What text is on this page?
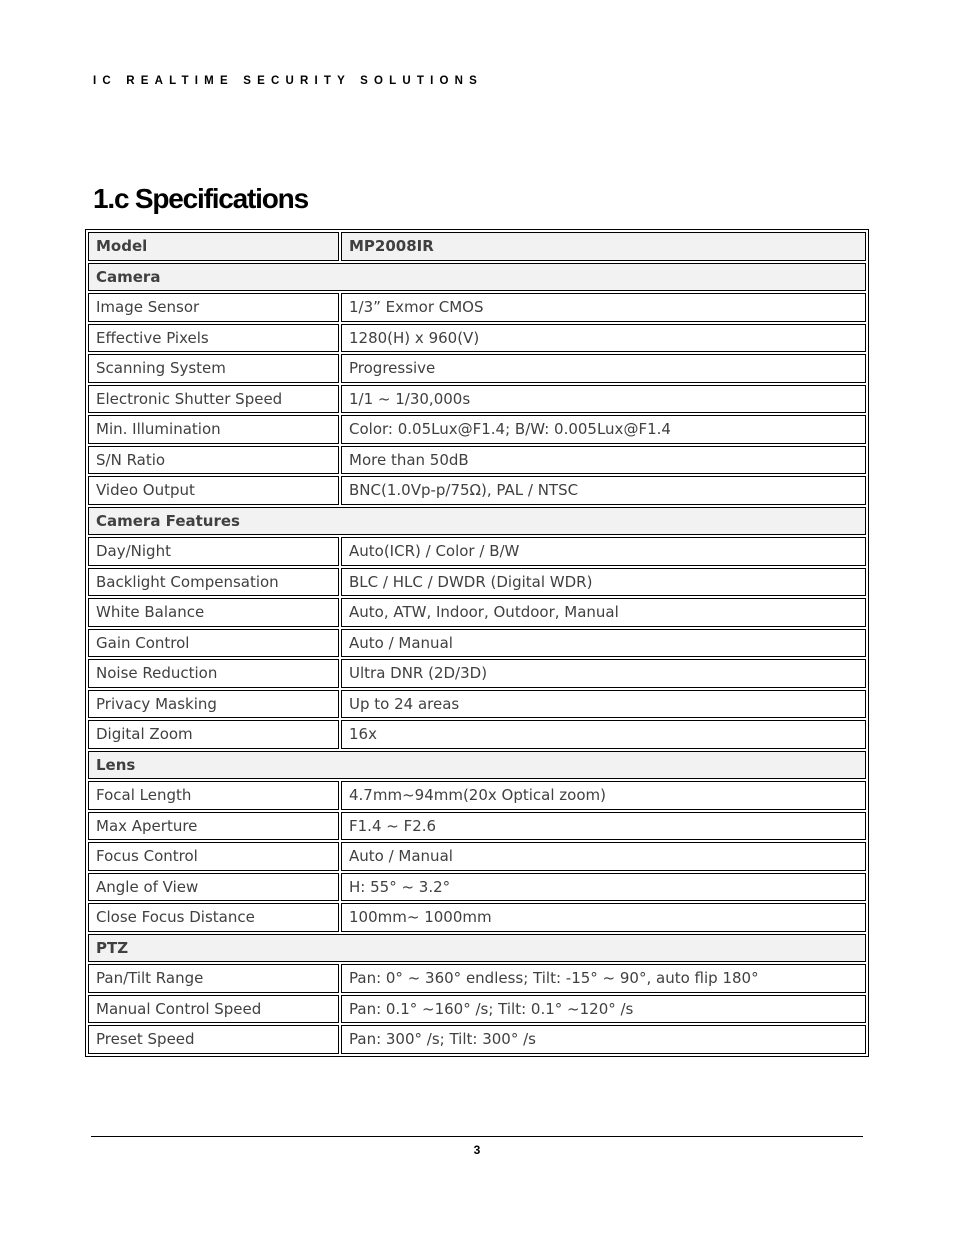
IC REALTIME SECURITY SOLUTIONS
1.c Specifications
Model	MP2008IR
Camera	
Image Sensor	1/3” Exmor CMOS
Effective Pixels	1280(H) x 960(V)
Scanning System	Progressive
Electronic Shutter Speed	1/1 ~ 1/30,000s
Min. Illumination	Color: 0.05Lux@F1.4; B/W: 0.005Lux@F1.4
S/N Ratio	More than 50dB
Video Output	BNC(1.0Vp-p/75Ω), PAL / NTSC
Camera Features	
Day/Night	Auto(ICR) / Color / B/W
Backlight Compensation	BLC / HLC / DWDR (Digital WDR)
White Balance	Auto, ATW, Indoor, Outdoor, Manual
Gain Control	Auto / Manual
Noise Reduction	Ultra DNR (2D/3D)
Privacy Masking	Up to 24 areas
Digital Zoom	16x
Lens	
Focal Length	4.7mm~94mm(20x Optical zoom)
Max Aperture	F1.4 ~ F2.6
Focus Control	Auto / Manual
Angle of View	H: 55° ~ 3.2°
Close Focus Distance	100mm~ 1000mm
PTZ	
Pan/Tilt Range	Pan: 0° ~ 360° endless; Tilt: -15° ~ 90°, auto flip 180°
Manual Control Speed	Pan: 0.1° ~160° /s; Tilt: 0.1° ~120° /s
Preset Speed	Pan: 300° /s; Tilt: 300° /s
3
